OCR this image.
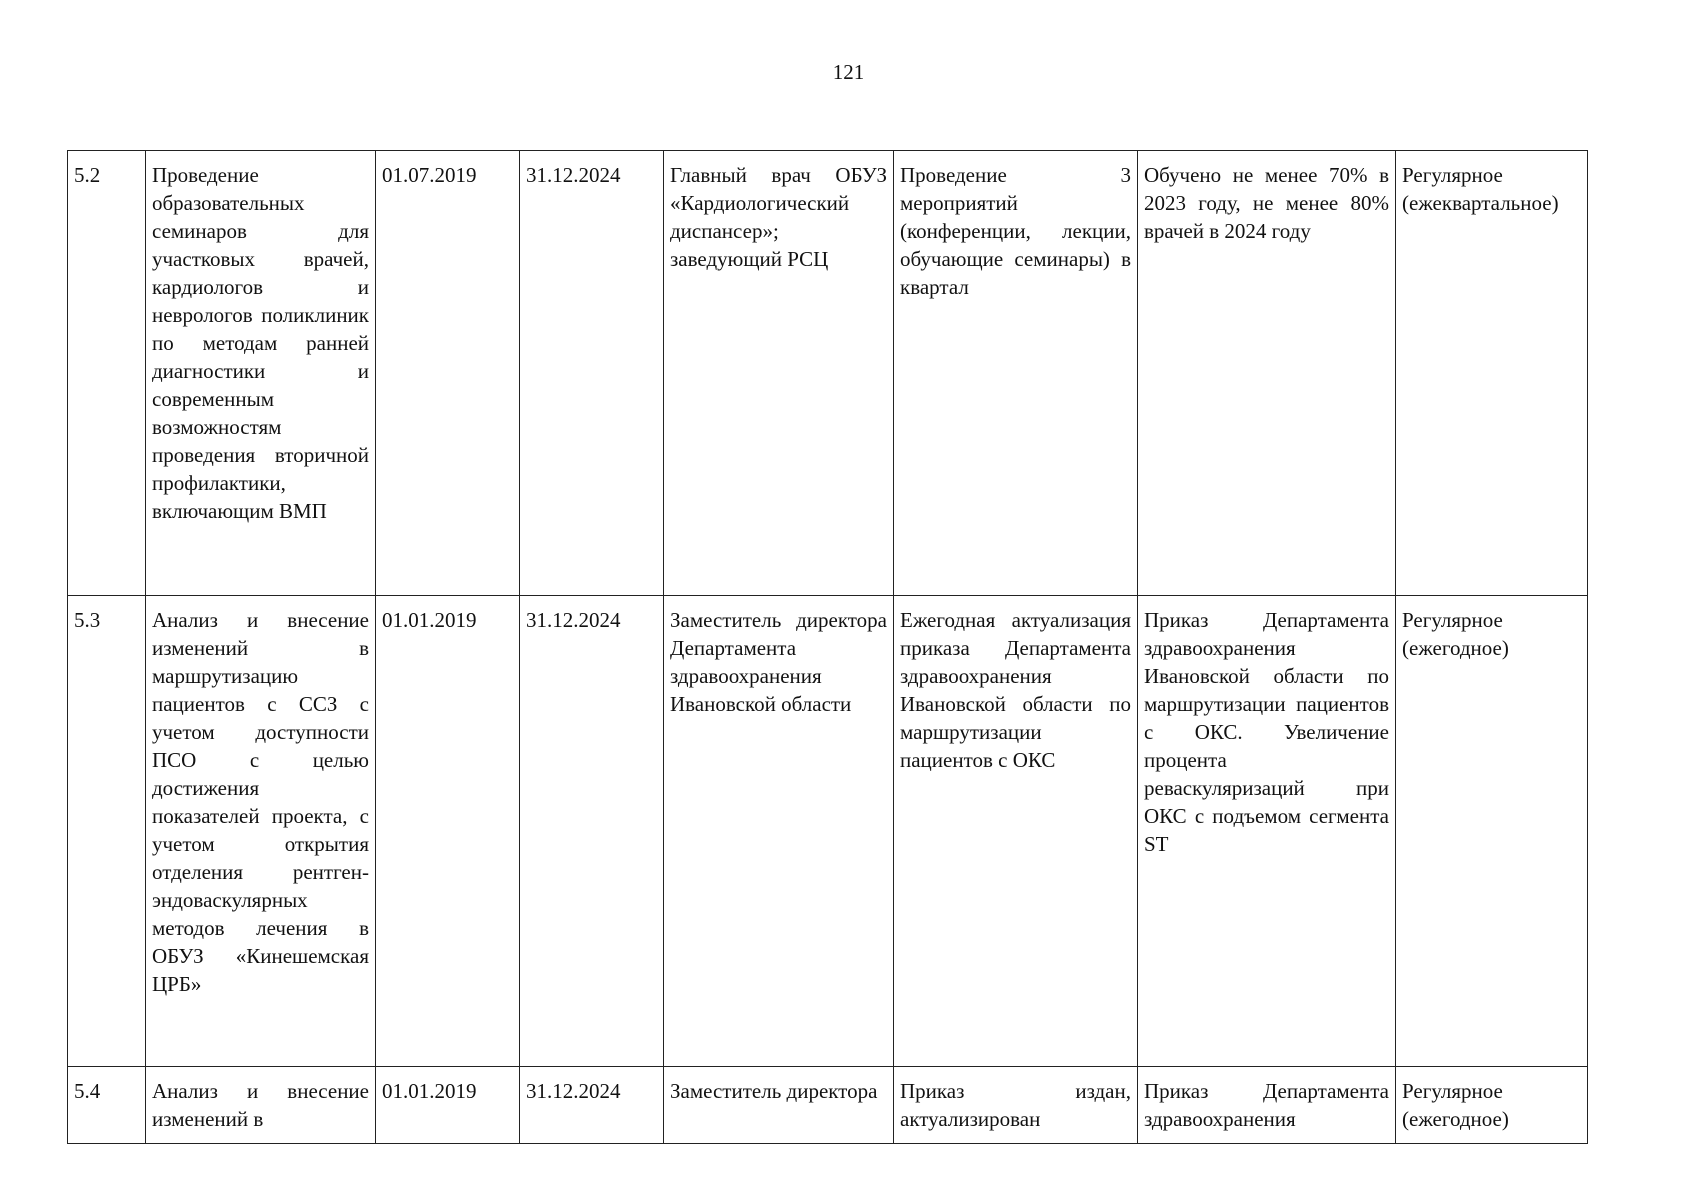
121
5.2	Проведение образовательных семинаров для участковых врачей, кардиологов и неврологов поликлиник по методам ранней диагностики и современным возможностям проведения вторичной профилактики, включающим ВМП	01.07.2019	31.12.2024	Главный врач ОБУЗ «Кардиологический диспансер»; заведующий РСЦ	Проведение 3 мероприятий (конференции, лекции, обучающие семинары) в квартал	Обучено не менее 70% в 2023 году, не менее 80% врачей в 2024 году	Регулярное (ежеквартальное)
5.3	Анализ и внесение изменений в маршрутизацию пациентов с ССЗ с учетом доступности ПСО с целью достижения показателей проекта, с учетом открытия отделения рентген-эндоваскулярных методов лечения в ОБУЗ «Кинешемская ЦРБ»	01.01.2019	31.12.2024	Заместитель директора Департамента здравоохранения Ивановской области	Ежегодная актуализация приказа Департамента здравоохранения Ивановской области по маршрутизации пациентов с ОКС	Приказ Департамента здравоохранения Ивановской области по маршрутизации пациентов с ОКС. Увеличение процента реваскуляризаций при ОКС с подъемом сегмента ST	Регулярное (ежегодное)
5.4	Анализ и внесение изменений в	01.01.2019	31.12.2024	Заместитель директора	Приказ издан, актуализирован	Приказ Департамента здравоохранения	Регулярное (ежегодное)
